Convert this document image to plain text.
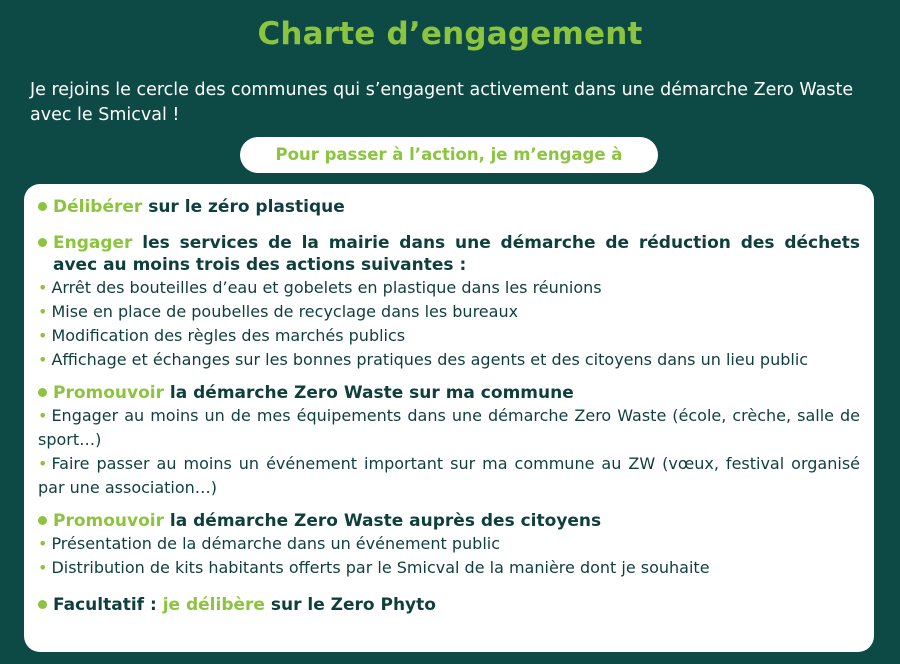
Charte d’engagement
Je rejoins le cercle des communes qui s’engagent activement dans une démarche Zero Waste avec le Smicval !
Pour passer à l’action, je m’engage à
Délibérer sur le zéro plastique
Engager les services de la mairie dans une démarche de réduction des déchets avec au moins trois des actions suivantes :
• Arrêt des bouteilles d’eau et gobelets en plastique dans les réunions
• Mise en place de poubelles de recyclage dans les bureaux
• Modification des règles des marchés publics
• Affichage et échanges sur les bonnes pratiques des agents et des citoyens dans un lieu public
Promouvoir la démarche Zero Waste sur ma commune
• Engager au moins un de mes équipements dans une démarche Zero Waste (école, crèche, salle de sport…)
• Faire passer au moins un événement important sur ma commune au ZW (vœux, festival organisé par une association…)
Promouvoir la démarche Zero Waste auprès des citoyens
• Présentation de la démarche dans un événement public
• Distribution de kits habitants offerts par le Smicval de la manière dont je souhaite
Facultatif : je délibère sur le Zero Phyto
